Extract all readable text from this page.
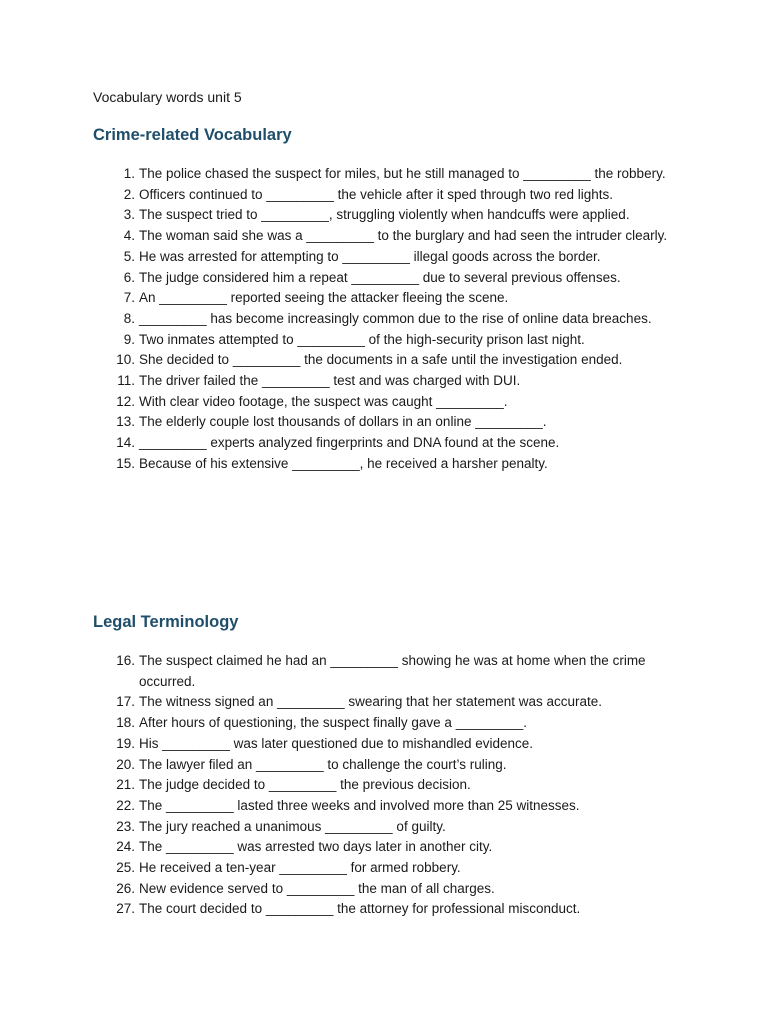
Vocabulary words unit 5
Crime-related Vocabulary
1. The police chased the suspect for miles, but he still managed to _________ the robbery.
2. Officers continued to _________ the vehicle after it sped through two red lights.
3. The suspect tried to _________, struggling violently when handcuffs were applied.
4. The woman said she was a _________ to the burglary and had seen the intruder clearly.
5. He was arrested for attempting to _________ illegal goods across the border.
6. The judge considered him a repeat _________ due to several previous offenses.
7. An _________ reported seeing the attacker fleeing the scene.
8. _________ has become increasingly common due to the rise of online data breaches.
9. Two inmates attempted to _________ of the high-security prison last night.
10. She decided to _________ the documents in a safe until the investigation ended.
11. The driver failed the _________ test and was charged with DUI.
12. With clear video footage, the suspect was caught _________.
13. The elderly couple lost thousands of dollars in an online _________.
14. _________ experts analyzed fingerprints and DNA found at the scene.
15. Because of his extensive _________, he received a harsher penalty.
Legal Terminology
16. The suspect claimed he had an _________ showing he was at home when the crime occurred.
17. The witness signed an _________ swearing that her statement was accurate.
18. After hours of questioning, the suspect finally gave a _________.
19. His _________ was later questioned due to mishandled evidence.
20. The lawyer filed an _________ to challenge the court’s ruling.
21. The judge decided to _________ the previous decision.
22. The _________ lasted three weeks and involved more than 25 witnesses.
23. The jury reached a unanimous _________ of guilty.
24. The _________ was arrested two days later in another city.
25. He received a ten-year _________ for armed robbery.
26. New evidence served to _________ the man of all charges.
27. The court decided to _________ the attorney for professional misconduct.
